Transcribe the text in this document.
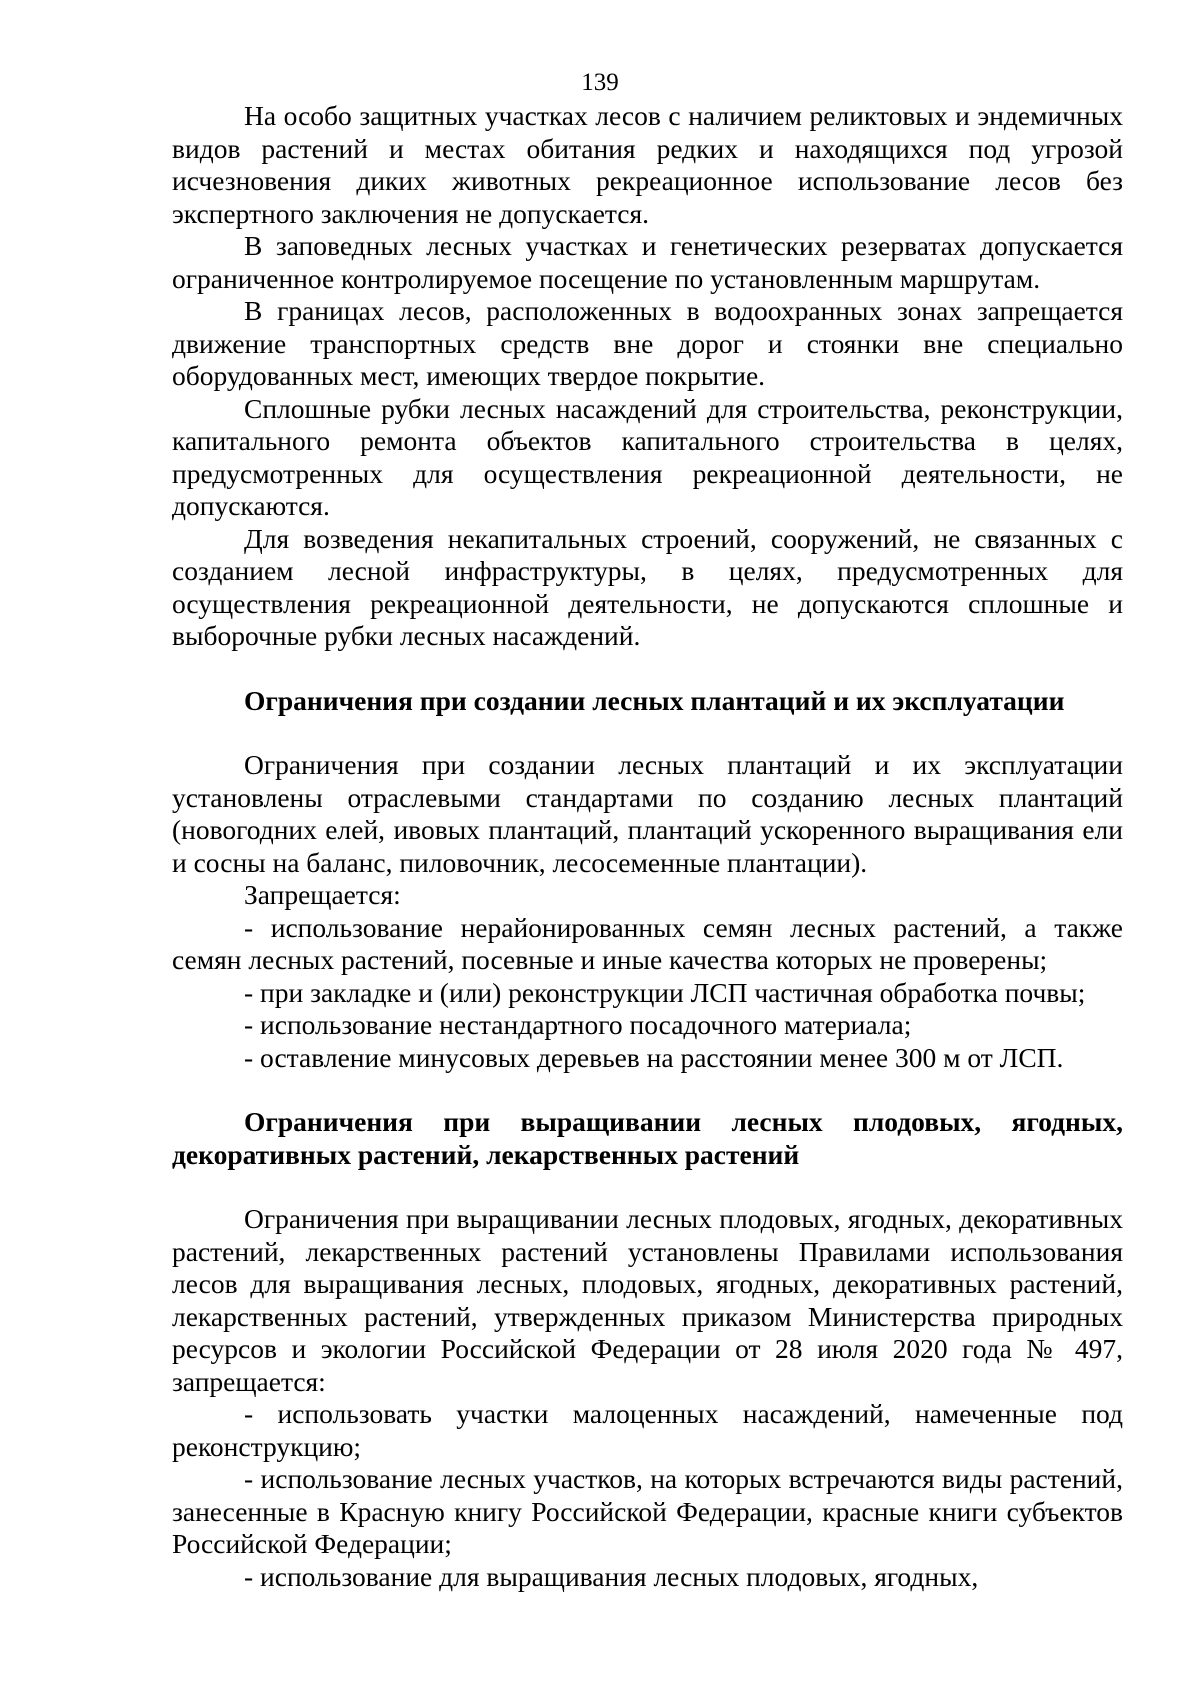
139

На особо защитных участках лесов с наличием реликтовых и эндемичных видов растений и местах обитания редких и находящихся под угрозой исчезновения диких животных рекреационное использование лесов без экспертного заключения не допускается.

В заповедных лесных участках и генетических резерватах допускается ограниченное контролируемое посещение по установленным маршрутам.

В границах лесов, расположенных в водоохранных зонах запрещается движение транспортных средств вне дорог и стоянки вне специально оборудованных мест, имеющих твердое покрытие.

Сплошные рубки лесных насаждений для строительства, реконструкции, капитального ремонта объектов капитального строительства в целях, предусмотренных для осуществления рекреационной деятельности, не допускаются.

Для возведения некапитальных строений, сооружений, не связанных с созданием лесной инфраструктуры, в целях, предусмотренных для осуществления рекреационной деятельности, не допускаются сплошные и выборочные рубки лесных насаждений.

Ограничения при создании лесных плантаций и их эксплуатации

Ограничения при создании лесных плантаций и их эксплуатации установлены отраслевыми стандартами по созданию лесных плантаций (новогодних елей, ивовых плантаций, плантаций ускоренного выращивания ели и сосны на баланс, пиловочник, лесосеменные плантации).

Запрещается:

- использование нерайонированных семян лесных растений, а также семян лесных растений, посевные и иные качества которых не проверены;

- при закладке и (или) реконструкции ЛСП частичная обработка почвы;

- использование нестандартного посадочного материала;

- оставление минусовых деревьев на расстоянии менее 300 м от ЛСП.

Ограничения при выращивании лесных плодовых, ягодных, декоративных растений, лекарственных растений

Ограничения при выращивании лесных плодовых, ягодных, декоративных растений, лекарственных растений установлены Правилами использования лесов для выращивания лесных, плодовых, ягодных, декоративных растений, лекарственных растений, утвержденных приказом Министерства природных ресурсов и экологии Российской Федерации от 28 июля 2020 года № 497, запрещается:

- использовать участки малоценных насаждений, намеченные под реконструкцию;

- использование лесных участков, на которых встречаются виды растений, занесенные в Красную книгу Российской Федерации, красные книги субъектов Российской Федерации;

- использование для выращивания лесных плодовых, ягодных,
